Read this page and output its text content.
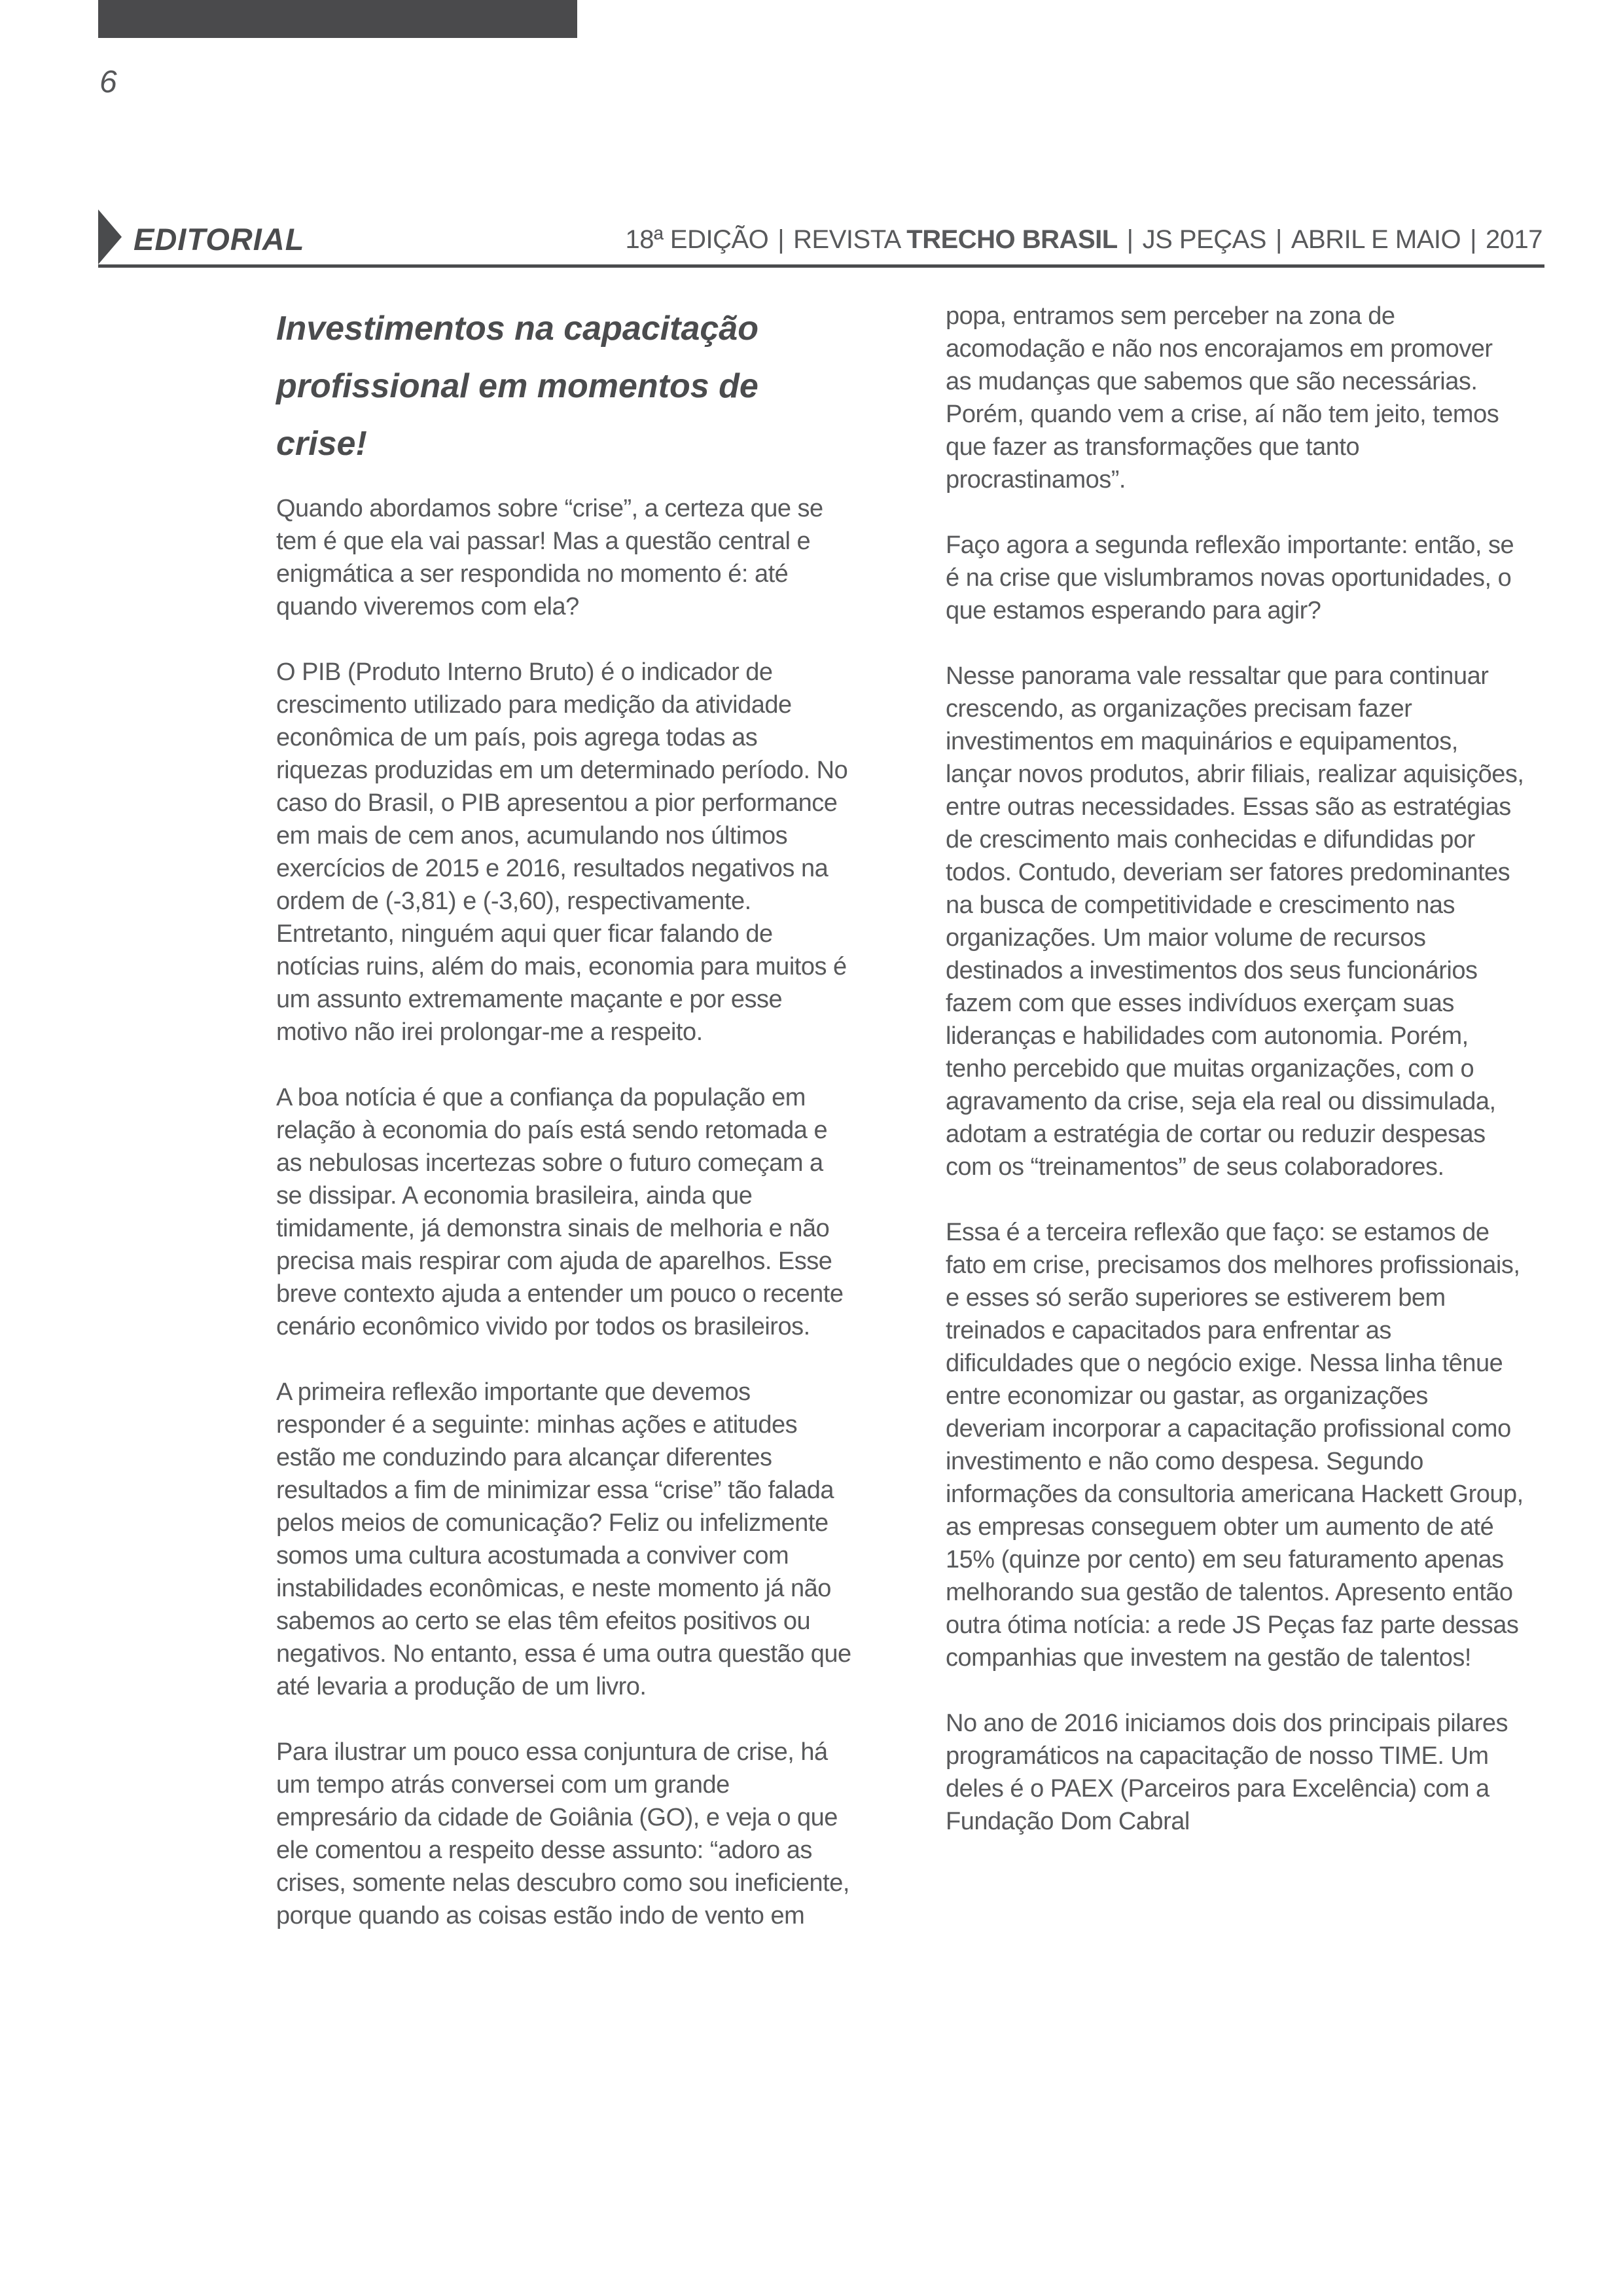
6
EDITORIAL	18ª EDIÇÃO | REVISTA TRECHO BRASIL | JS PEÇAS | ABRIL E MAIO | 2017
Investimentos na capacitação profissional em momentos de crise!

Quando abordamos sobre “crise”, a certeza que se tem é que ela vai passar! Mas a questão central e enigmática a ser respondida no momento é: até quando viveremos com ela?

O PIB (Produto Interno Bruto) é o indicador de crescimento utilizado para medição da atividade econômica de um país, pois agrega todas as riquezas produzidas em um determinado período. No caso do Brasil, o PIB apresentou a pior performance em mais de cem anos, acumulando nos últimos exercícios de 2015 e 2016, resultados negativos na ordem de (-3,81) e (-3,60), respectivamente. Entretanto, ninguém aqui quer ficar falando de notícias ruins, além do mais, economia para muitos é um assunto extremamente maçante e por esse motivo não irei prolongar-me a respeito.

A boa notícia é que a confiança da população em relação à economia do país está sendo retomada e as nebulosas incertezas sobre o futuro começam a se dissipar. A economia brasileira, ainda que timidamente, já demonstra sinais de melhoria e não precisa mais respirar com ajuda de aparelhos. Esse breve contexto ajuda a entender um pouco o recente cenário econômico vivido por todos os brasileiros.

A primeira reflexão importante que devemos responder é a seguinte: minhas ações e atitudes estão me conduzindo para alcançar diferentes resultados a fim de minimizar essa “crise” tão falada pelos meios de comunicação? Feliz ou infelizmente somos uma cultura acostumada a conviver com instabilidades econômicas, e neste momento já não sabemos ao certo se elas têm efeitos positivos ou negativos. No entanto, essa é uma outra questão que até levaria a produção de um livro.

Para ilustrar um pouco essa conjuntura de crise, há um tempo atrás conversei com um grande empresário da cidade de Goiânia (GO), e veja o que ele comentou a respeito desse assunto: “adoro as crises, somente nelas descubro como sou ineficiente, porque quando as coisas estão indo de vento em

popa, entramos sem perceber na zona de acomodação e não nos encorajamos em promover as mudanças que sabemos que são necessárias. Porém, quando vem a crise, aí não tem jeito, temos que fazer as transformações que tanto procrastinamos”.

Faço agora a segunda reflexão importante: então, se é na crise que vislumbramos novas oportunidades, o que estamos esperando para agir?

Nesse panorama vale ressaltar que para continuar crescendo, as organizações precisam fazer investimentos em maquinários e equipamentos, lançar novos produtos, abrir filiais, realizar aquisições, entre outras necessidades. Essas são as estratégias de crescimento mais conhecidas e difundidas por todos. Contudo, deveriam ser fatores predominantes na busca de competitividade e crescimento nas organizações. Um maior volume de recursos destinados a investimentos dos seus funcionários fazem com que esses indivíduos exerçam suas lideranças e habilidades com autonomia. Porém, tenho percebido que muitas organizações, com o agravamento da crise, seja ela real ou dissimulada, adotam a estratégia de cortar ou reduzir despesas com os “treinamentos” de seus colaboradores.

Essa é a terceira reflexão que faço: se estamos de fato em crise, precisamos dos melhores profissionais, e esses só serão superiores se estiverem bem treinados e capacitados para enfrentar as dificuldades que o negócio exige. Nessa linha tênue entre economizar ou gastar, as organizações deveriam incorporar a capacitação profissional como investimento e não como despesa. Segundo informações da consultoria americana Hackett Group, as empresas conseguem obter um aumento de até 15% (quinze por cento) em seu faturamento apenas melhorando sua gestão de talentos. Apresento então outra ótima notícia: a rede JS Peças faz parte dessas companhias que investem na gestão de talentos!

No ano de 2016 iniciamos dois dos principais pilares programáticos na capacitação de nosso TIME. Um deles é o PAEX (Parceiros para Excelência) com a Fundação Dom Cabral
